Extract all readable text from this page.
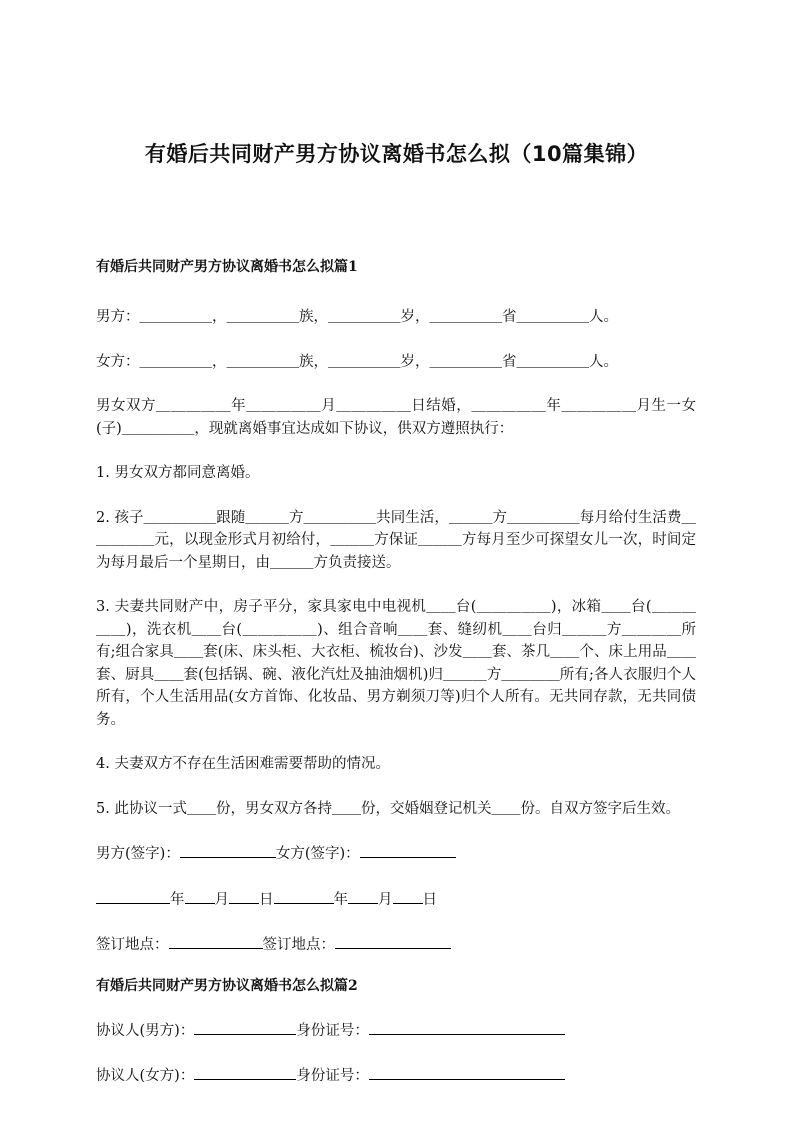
有婚后共同财产男方协议离婚书怎么拟（10篇集锦）

有婚后共同财产男方协议离婚书怎么拟篇1

男方：＿＿＿＿＿，＿＿＿＿＿族，＿＿＿＿＿岁，＿＿＿＿＿省＿＿＿＿＿人。

女方：＿＿＿＿＿，＿＿＿＿＿族，＿＿＿＿＿岁，＿＿＿＿＿省＿＿＿＿＿人。

男女双方＿＿＿＿＿年＿＿＿＿＿月＿＿＿＿＿日结婚，＿＿＿＿＿年＿＿＿＿＿月生一女(子)＿＿＿＿＿，现就离婚事宜达成如下协议，供双方遵照执行：

1. 男女双方都同意离婚。

2. 孩子＿＿＿＿＿跟随＿＿＿方＿＿＿＿＿共同生活，＿＿＿方＿＿＿＿＿每月给付生活费＿＿＿＿＿元，以现金形式月初给付，＿＿＿方保证＿＿＿方每月至少可探望女儿一次，时间定为每月最后一个星期日，由＿＿＿方负责接送。

3. 夫妻共同财产中，房子平分，家具家电中电视机＿＿台(＿＿＿＿＿)，冰箱＿＿台(＿＿＿＿＿)，洗衣机＿＿台(＿＿＿＿＿)、组合音响＿＿套、缝纫机＿＿台归＿＿＿方＿＿＿＿所有;组合家具＿＿套(床、床头柜、大衣柜、梳妆台)、沙发＿＿套、茶几＿＿个、床上用品＿＿套、厨具＿＿套(包括锅、碗、液化汽灶及抽油烟机)归＿＿＿方＿＿＿＿所有;各人衣服归个人所有，个人生活用品(女方首饰、化妆品、男方剃须刀等)归个人所有。无共同存款，无共同债务。

4. 夫妻双方不存在生活困难需要帮助的情况。

5. 此协议一式＿＿份，男女双方各持＿＿份，交婚姻登记机关＿＿份。自双方签字后生效。

男方(签字)：	女方(签字)：

年 月 日	年 月 日

签订地点：	签订地点：

有婚后共同财产男方协议离婚书怎么拟篇2

协议人(男方)：	身份证号：

协议人(女方)：	身份证号：
